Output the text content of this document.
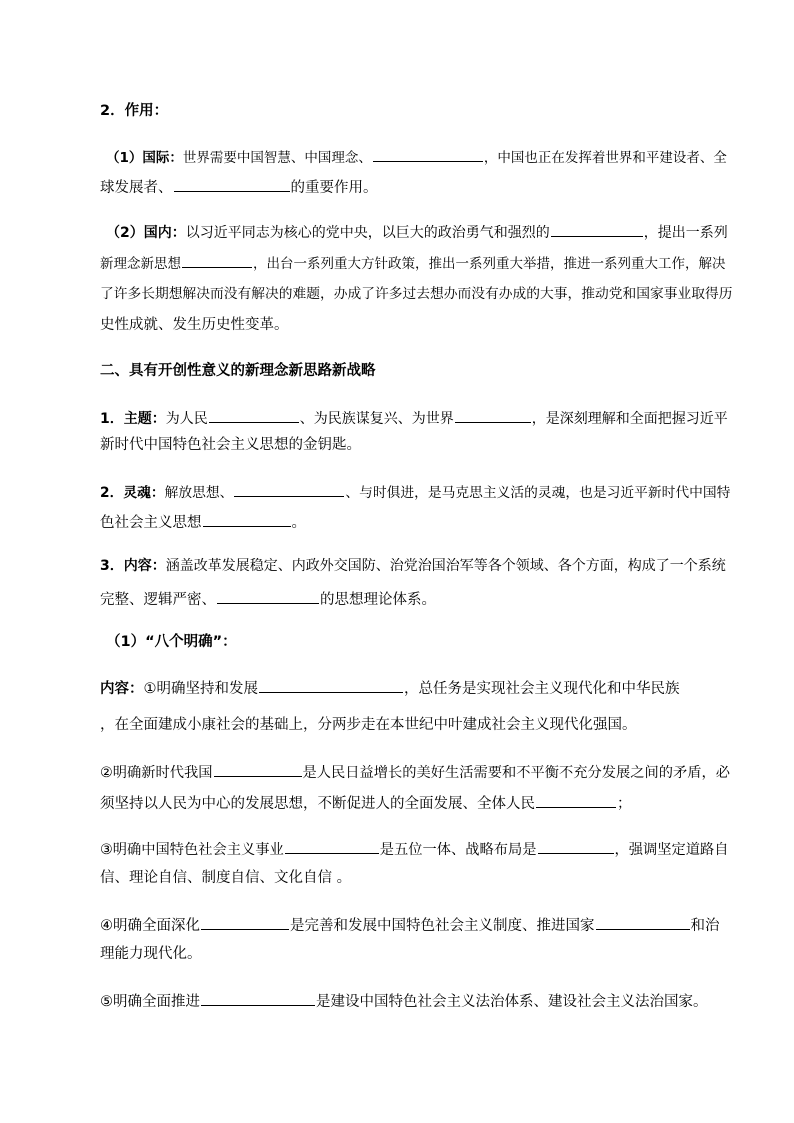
2．作用：
（1）国际：世界需要中国智慧、中国理念、	，中国也正在发挥着世界和平建设者、全
球发展者、	的重要作用。
（2）国内：以习近平同志为核心的党中央，以巨大的政治勇气和强烈的	，提出一系列
新理念新思想	，出台一系列重大方针政策，推出一系列重大举措，推进一系列重大工作，解决
了许多长期想解决而没有解决的难题，办成了许多过去想办而没有办成的大事，推动党和国家事业取得历
史性成就、发生历史性变革。
二、具有开创性意义的新理念新思路新战略
1．主题：为人民	、为民族谋复兴、为世界	，是深刻理解和全面把握习近平
新时代中国特色社会主义思想的金钥匙。
2．灵魂：解放思想、	、与时俱进，是马克思主义活的灵魂，也是习近平新时代中国特
色社会主义思想	。
3．内容：涵盖改革发展稳定、内政外交国防、治党治国治军等各个领域、各个方面，构成了一个系统
完整、逻辑严密、	的思想理论体系。
（1）“八个明确”：
内容：①明确坚持和发展	，总任务是实现社会主义现代化和中华民族
，在全面建成小康社会的基础上，分两步走在本世纪中叶建成社会主义现代化强国。
②明确新时代我国	是人民日益增长的美好生活需要和不平衡不充分发展之间的矛盾，必
须坚持以人民为中心的发展思想，不断促进人的全面发展、全体人民	；
③明确中国特色社会主义事业	是五位一体、战略布局是	，强调坚定道路自
信、理论自信、制度自信、文化自信 。
④明确全面深化	是完善和发展中国特色社会主义制度、推进国家	和治
理能力现代化。
⑤明确全面推进	是建设中国特色社会主义法治体系、建设社会主义法治国家。
